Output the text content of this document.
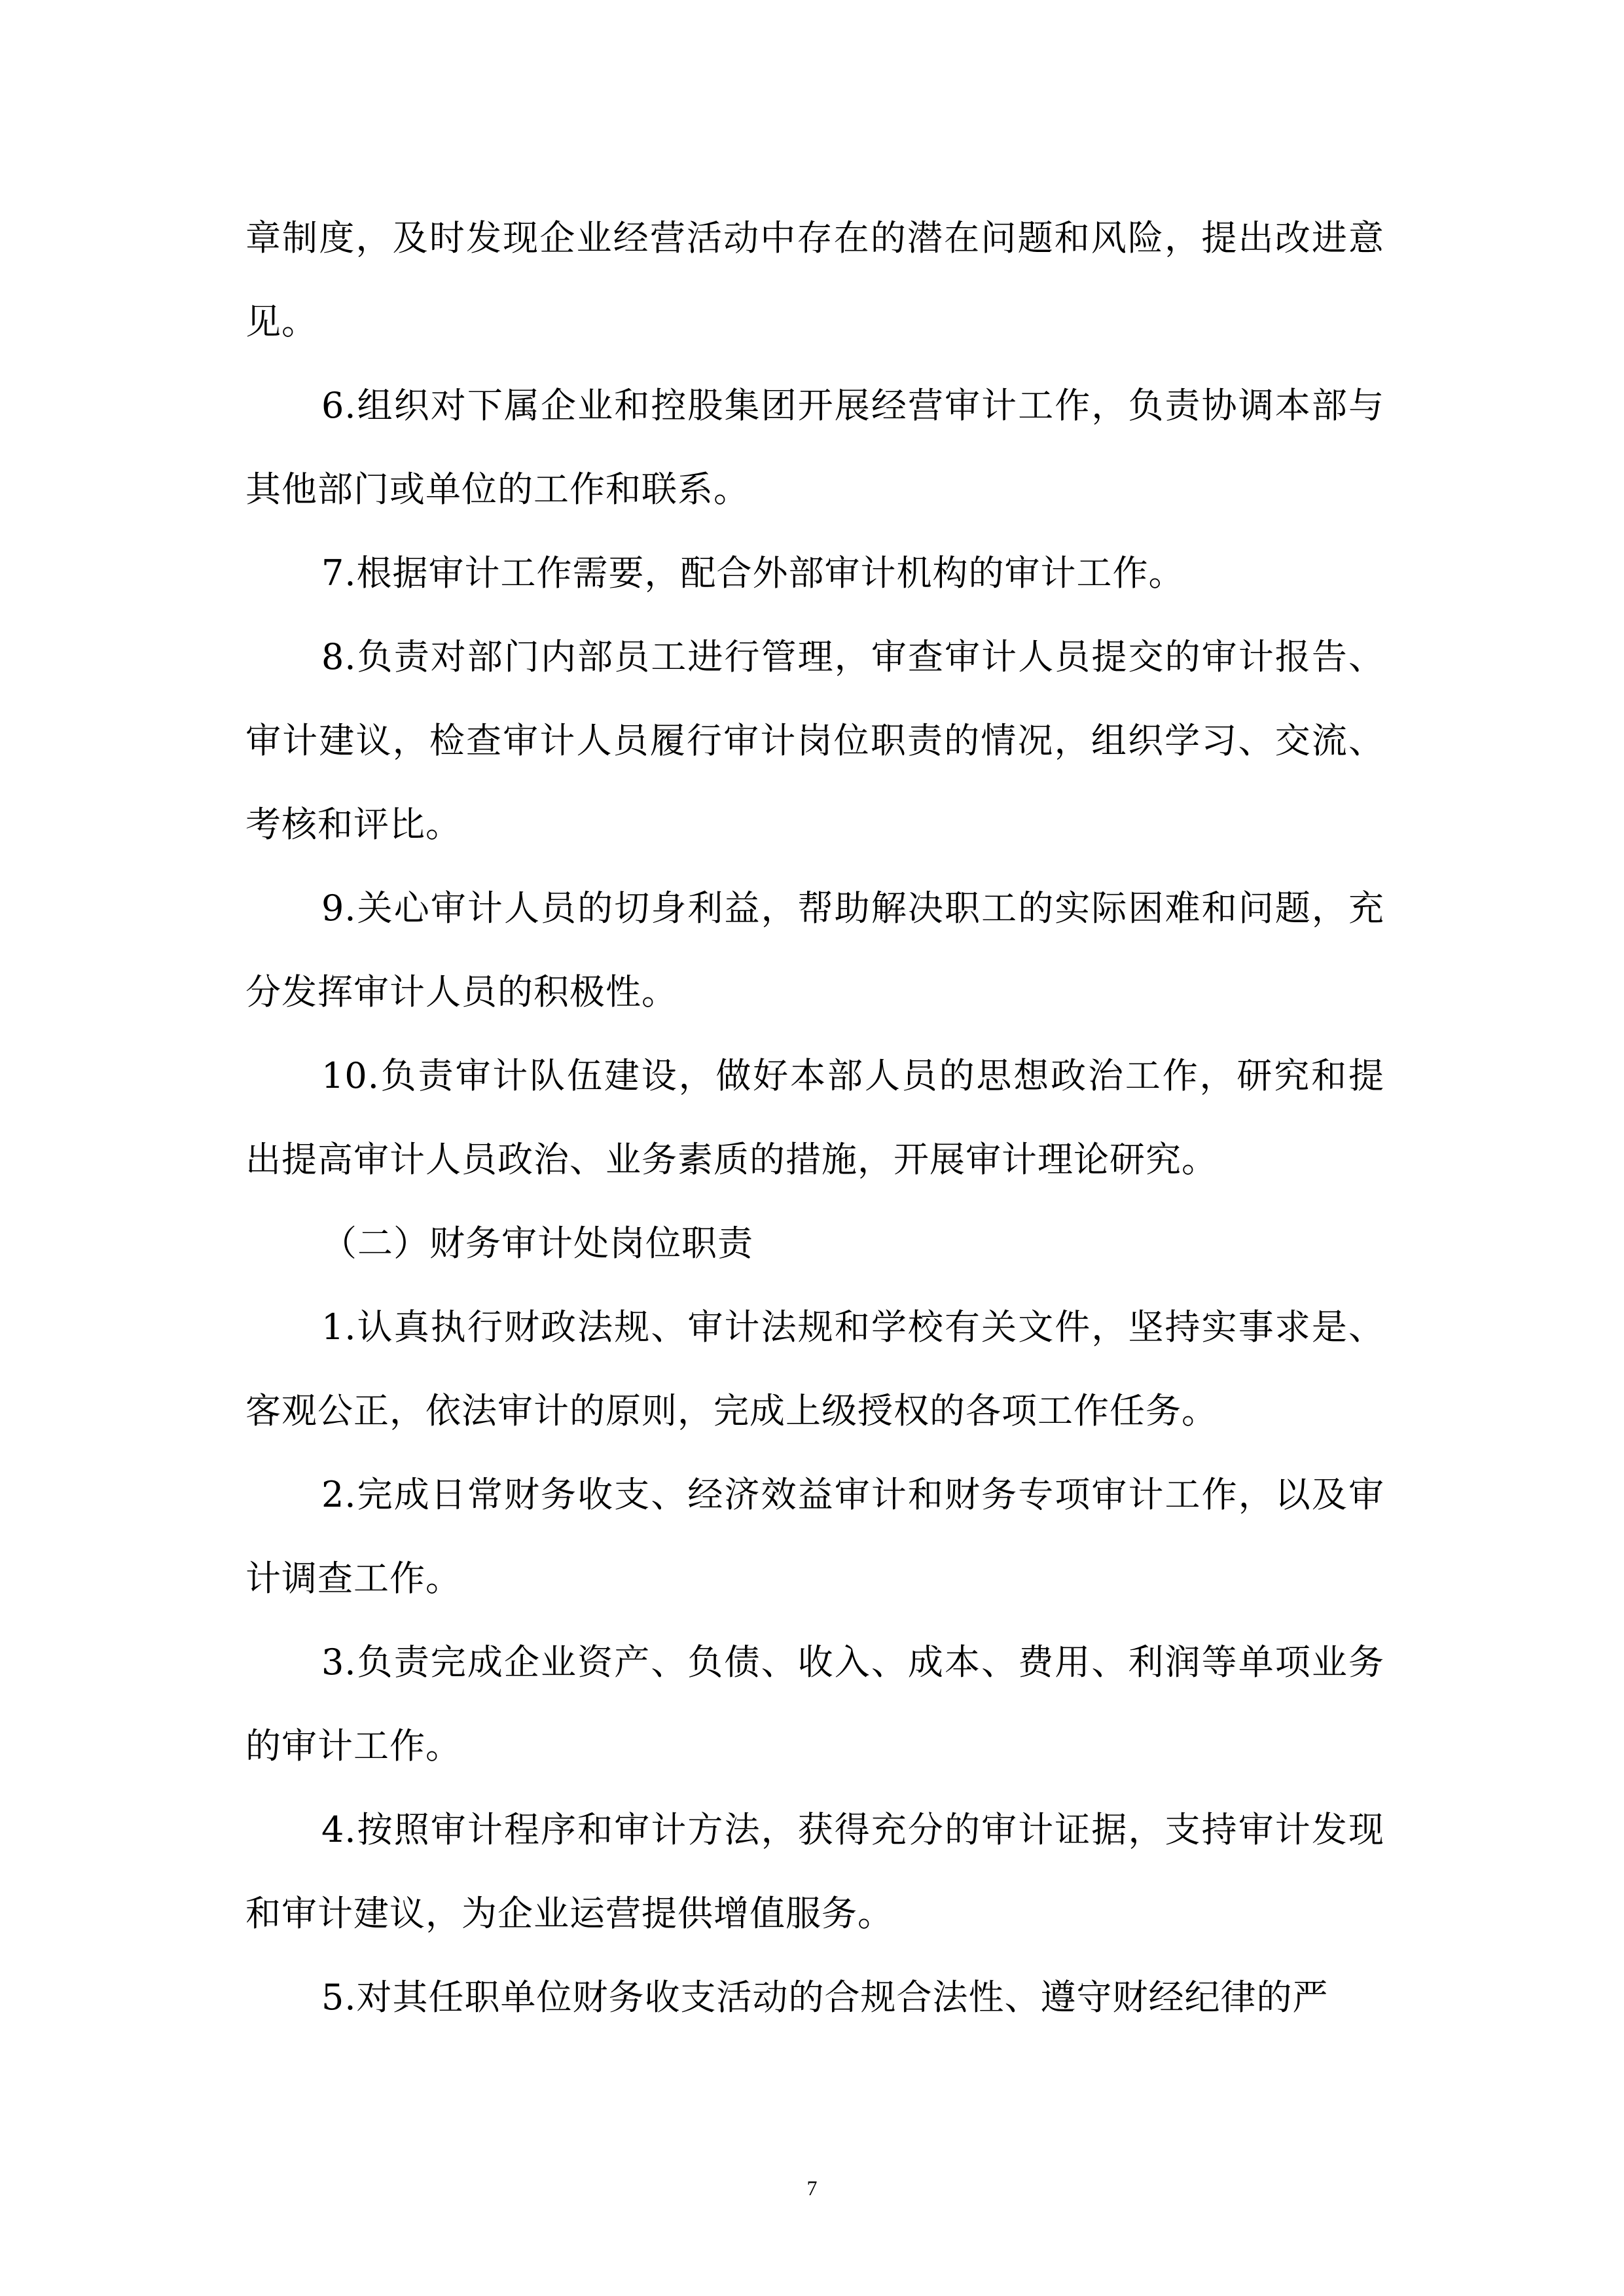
章制度，及时发现企业经营活动中存在的潜在问题和风险，提出改进意见。

6.组织对下属企业和控股集团开展经营审计工作，负责协调本部与其他部门或单位的工作和联系。

7.根据审计工作需要，配合外部审计机构的审计工作。

8.负责对部门内部员工进行管理，审查审计人员提交的审计报告、审计建议，检查审计人员履行审计岗位职责的情况，组织学习、交流、考核和评比。

9.关心审计人员的切身利益，帮助解决职工的实际困难和问题，充分发挥审计人员的积极性。

10.负责审计队伍建设，做好本部人员的思想政治工作，研究和提出提高审计人员政治、业务素质的措施，开展审计理论研究。

（二）财务审计处岗位职责

1.认真执行财政法规、审计法规和学校有关文件，坚持实事求是、客观公正，依法审计的原则，完成上级授权的各项工作任务。

2.完成日常财务收支、经济效益审计和财务专项审计工作，以及审计调查工作。

3.负责完成企业资产、负债、收入、成本、费用、利润等单项业务的审计工作。

4.按照审计程序和审计方法，获得充分的审计证据，支持审计发现和审计建议，为企业运营提供增值服务。

5.对其任职单位财务收支活动的合规合法性、遵守财经纪律的严

7
